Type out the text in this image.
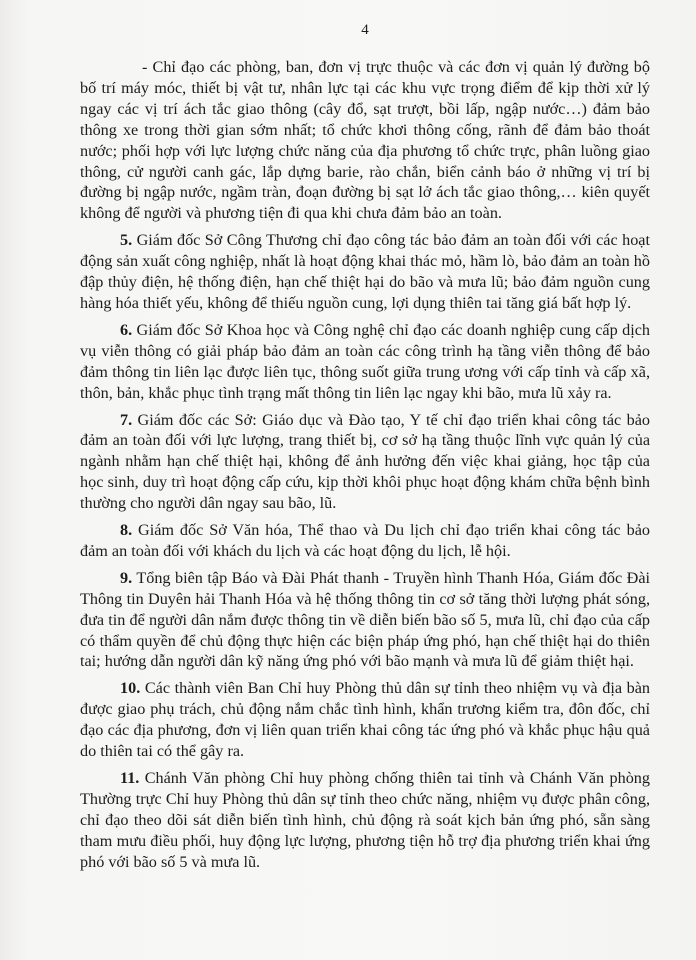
4

- Chỉ đạo các phòng, ban, đơn vị trực thuộc và các đơn vị quản lý đường bộ bố trí máy móc, thiết bị vật tư, nhân lực tại các khu vực trọng điểm để kịp thời xử lý ngay các vị trí ách tắc giao thông (cây đổ, sạt trượt, bồi lấp, ngập nước…) đảm bảo thông xe trong thời gian sớm nhất; tổ chức khơi thông cống, rãnh để đảm bảo thoát nước; phối hợp với lực lượng chức năng của địa phương tổ chức trực, phân luồng giao thông, cử người canh gác, lắp dựng barie, rào chắn, biển cảnh báo ở những vị trí bị đường bị ngập nước, ngầm tràn, đoạn đường bị sạt lở ách tắc giao thông,… kiên quyết không để người và phương tiện đi qua khi chưa đảm bảo an toàn.

5. Giám đốc Sở Công Thương chỉ đạo công tác bảo đảm an toàn đối với các hoạt động sản xuất công nghiệp, nhất là hoạt động khai thác mỏ, hầm lò, bảo đảm an toàn hồ đập thủy điện, hệ thống điện, hạn chế thiệt hại do bão và mưa lũ; bảo đảm nguồn cung hàng hóa thiết yếu, không để thiếu nguồn cung, lợi dụng thiên tai tăng giá bất hợp lý.

6. Giám đốc Sở Khoa học và Công nghệ chỉ đạo các doanh nghiệp cung cấp dịch vụ viễn thông có giải pháp bảo đảm an toàn các công trình hạ tầng viễn thông để bảo đảm thông tin liên lạc được liên tục, thông suốt giữa trung ương với cấp tỉnh và cấp xã, thôn, bản, khắc phục tình trạng mất thông tin liên lạc ngay khi bão, mưa lũ xảy ra.

7. Giám đốc các Sở: Giáo dục và Đào tạo, Y tế chỉ đạo triển khai công tác bảo đảm an toàn đối với lực lượng, trang thiết bị, cơ sở hạ tầng thuộc lĩnh vực quản lý của ngành nhằm hạn chế thiệt hại, không để ảnh hưởng đến việc khai giảng, học tập của học sinh, duy trì hoạt động cấp cứu, kịp thời khôi phục hoạt động khám chữa bệnh bình thường cho người dân ngay sau bão, lũ.

8. Giám đốc Sở Văn hóa, Thể thao và Du lịch chỉ đạo triển khai công tác bảo đảm an toàn đối với khách du lịch và các hoạt động du lịch, lễ hội.

9. Tổng biên tập Báo và Đài Phát thanh - Truyền hình Thanh Hóa, Giám đốc Đài Thông tin Duyên hải Thanh Hóa và hệ thống thông tin cơ sở tăng thời lượng phát sóng, đưa tin để người dân nắm được thông tin về diễn biến bão số 5, mưa lũ, chỉ đạo của cấp có thẩm quyền để chủ động thực hiện các biện pháp ứng phó, hạn chế thiệt hại do thiên tai; hướng dẫn người dân kỹ năng ứng phó với bão mạnh và mưa lũ để giảm thiệt hại.

10. Các thành viên Ban Chỉ huy Phòng thủ dân sự tỉnh theo nhiệm vụ và địa bàn được giao phụ trách, chủ động nắm chắc tình hình, khẩn trương kiểm tra, đôn đốc, chỉ đạo các địa phương, đơn vị liên quan triển khai công tác ứng phó và khắc phục hậu quả do thiên tai có thể gây ra.

11. Chánh Văn phòng Chỉ huy phòng chống thiên tai tỉnh và Chánh Văn phòng Thường trực Chỉ huy Phòng thủ dân sự tỉnh theo chức năng, nhiệm vụ được phân công, chỉ đạo theo dõi sát diễn biến tình hình, chủ động rà soát kịch bản ứng phó, sẵn sàng tham mưu điều phối, huy động lực lượng, phương tiện hỗ trợ địa phương triển khai ứng phó với bão số 5 và mưa lũ.
